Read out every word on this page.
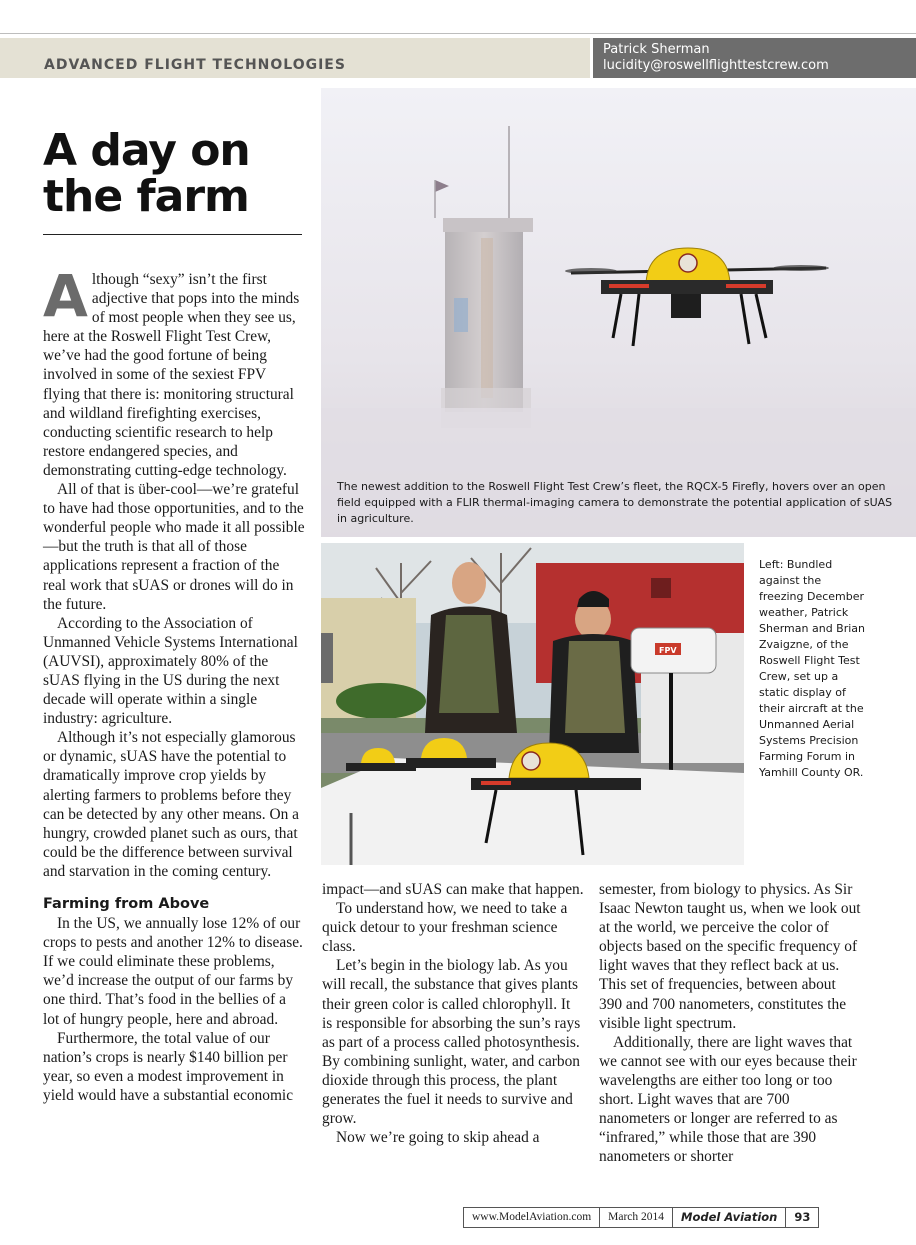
ADVANCED FLIGHT TECHNOLOGIES
Patrick Sherman
lucidity@roswellflighttestcrew.com
A day on
the farm

Although “sexy” isn’t the first adjective that pops into the minds of most people when they see us, here at the Roswell Flight Test Crew, we’ve had the good fortune of being involved in some of the sexiest FPV flying that there is: monitoring structural and wildland firefighting exercises, conducting scientific research to help restore endangered species, and demonstrating cutting-edge technology.

All of that is über-cool—we’re grateful to have had those opportunities, and to the wonderful people who made it all possible—but the truth is that all of those applications represent a fraction of the real work that sUAS or drones will do in the future.

According to the Association of Unmanned Vehicle Systems International (AUVSI), approximately 80% of the sUAS flying in the US during the next decade will operate within a single industry: agriculture.

Although it’s not especially glamorous or dynamic, sUAS have the potential to dramatically improve crop yields by alerting farmers to problems before they can be detected by any other means. On a hungry, crowded planet such as ours, that could be the difference between survival and starvation in the coming century.

Farming from Above

In the US, we annually lose 12% of our crops to pests and another 12% to disease. If we could eliminate these problems, we’d increase the output of our farms by one third. That’s food in the bellies of a lot of hungry people, here and abroad.

Furthermore, the total value of our nation’s crops is nearly $140 billion per year, so even a modest improvement in yield would have a substantial economic

The newest addition to the Roswell Flight Test Crew’s fleet, the RQCX-5 Firefly, hovers over an open field equipped with a FLIR thermal-imaging camera to demonstrate the potential application of sUAS in agriculture.
FPV
Left: Bundled against the freezing December weather, Patrick Sherman and Brian Zvaigzne, of the Roswell Flight Test Crew, set up a static display of their aircraft at the Unmanned Aerial Systems Precision Farming Forum in Yamhill County OR.

impact—and sUAS can make that happen.

To understand how, we need to take a quick detour to your freshman science class.

Let’s begin in the biology lab. As you will recall, the substance that gives plants their green color is called chlorophyll. It is responsible for absorbing the sun’s rays as part of a process called photosynthesis. By combining sunlight, water, and carbon dioxide through this process, the plant generates the fuel it needs to survive and grow.

Now we’re going to skip ahead a

semester, from biology to physics. As Sir Isaac Newton taught us, when we look out at the world, we perceive the color of objects based on the specific frequency of light waves that they reflect back at us. This set of frequencies, between about 390 and 700 nanometers, constitutes the visible light spectrum.

Additionally, there are light waves that we cannot see with our eyes because their wavelengths are either too long or too short. Light waves that are 700 nanometers or longer are referred to as “infrared,” while those that are 390 nanometers or shorter

www.ModelAviation.com	March 2014	Model Aviation	93
